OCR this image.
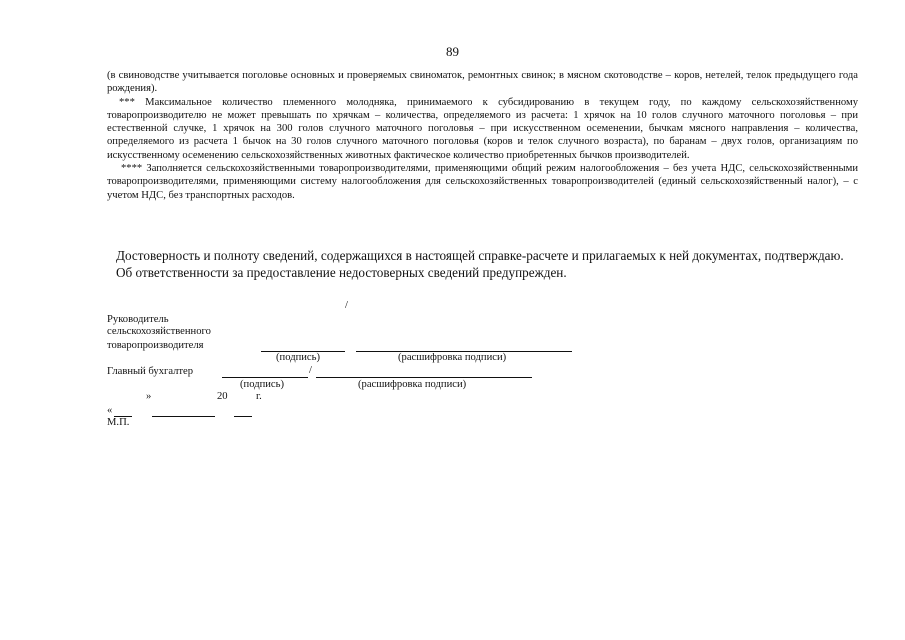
89

(в свиноводстве учитывается поголовье основных и проверяемых свиноматок, ремонтных свинок; в мясном скотоводстве – коров, нетелей, телок предыдущего года рождения).

*** Максимальное количество племенного молодняка, принимаемого к субсидированию в текущем году, по каждому сельскохозяйственному товаропроизводителю не может превышать по хрячкам – количества, определяемого из расчета: 1 хрячок на 10 голов случного маточного поголовья – при естественной случке, 1 хрячок на 300 голов случного маточного поголовья – при искусственном осеменении, бычкам мясного направления – количества, определяемого из расчета 1 бычок на 30 голов случного маточного поголовья (коров и телок случного возраста), по баранам – двух голов, организациям по искусственному осеменению сельскохозяйственных животных фактическое количество приобретенных бычков производителей.

**** Заполняется сельскохозяйственными товаропроизводителями, применяющими общий режим налогообложения – без учета НДС, сельскохозяйственными товаропроизводителями, применяющими систему налогообложения для сельскохозяйственных товаропроизводителей (единый сельскохозяйственный налог), – с учетом НДС, без транспортных расходов.

Достоверность и полноту сведений, содержащихся в настоящей справке-расчете и прилагаемых к ней документах, подтверждаю.

Об ответственности за предоставление недостоверных сведений предупрежден.

/
Руководитель
сельскохозяйственного
товаропроизводителя
(подпись)	(расшифровка подписи)
Главный бухгалтер	/
(подпись)	(расшифровка подписи)
»	20	г.
«
М.П.
